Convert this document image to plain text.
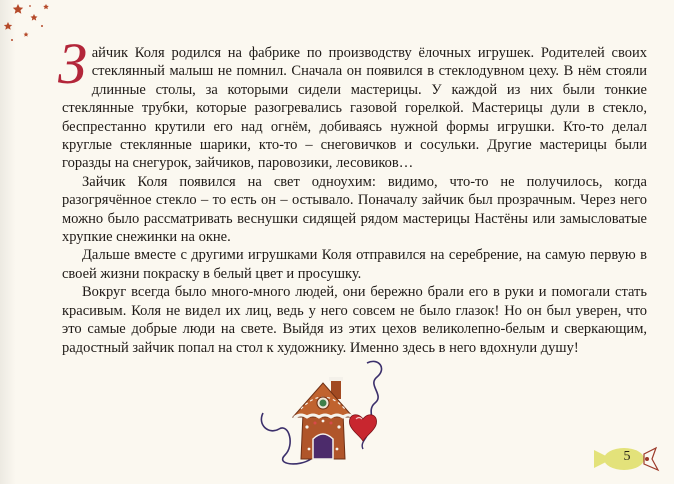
Зайчик Коля родился на фабрике по производству ёлочных игрушек. Родителей своих стеклянный малыш не помнил. Сначала он появился в стеклодувном цеху. В нём стояли длинные столы, за которыми сидели мастерицы. У каждой из них были тонкие стеклянные трубки, которые разогревались газовой горелкой. Мастерицы дули в стекло, беспрестанно крутили его над огнём, добиваясь нужной формы игрушки. Кто-то делал круглые стеклянные шарики, кто-то – снеговичков и сосульки. Другие мастерицы были горазды на снегурок, зайчиков, паровозики, лесовиков…

Зайчик Коля появился на свет одноухим: видимо, что-то не получилось, когда разогрячённое стекло – то есть он – остывало. Поначалу зайчик был прозрачным. Через него можно было рассматривать веснушки сидящей рядом мастерицы Настёны или замысловатые хрупкие снежинки на окне.

Дальше вместе с другими игрушками Коля отправился на серебрение, на самую первую в своей жизни покраску в белый цвет и просушку.

Вокруг всегда было много-много людей, они бережно брали его в руки и помогали стать красивым. Коля не видел их лиц, ведь у него совсем не было глазок! Но он был уверен, что это самые добрые люди на свете. Выйдя из этих цехов великолепно-белым и сверкающим, радостный зайчик попал на стол к художнику. Именно здесь в него вдохнули душу!

5
